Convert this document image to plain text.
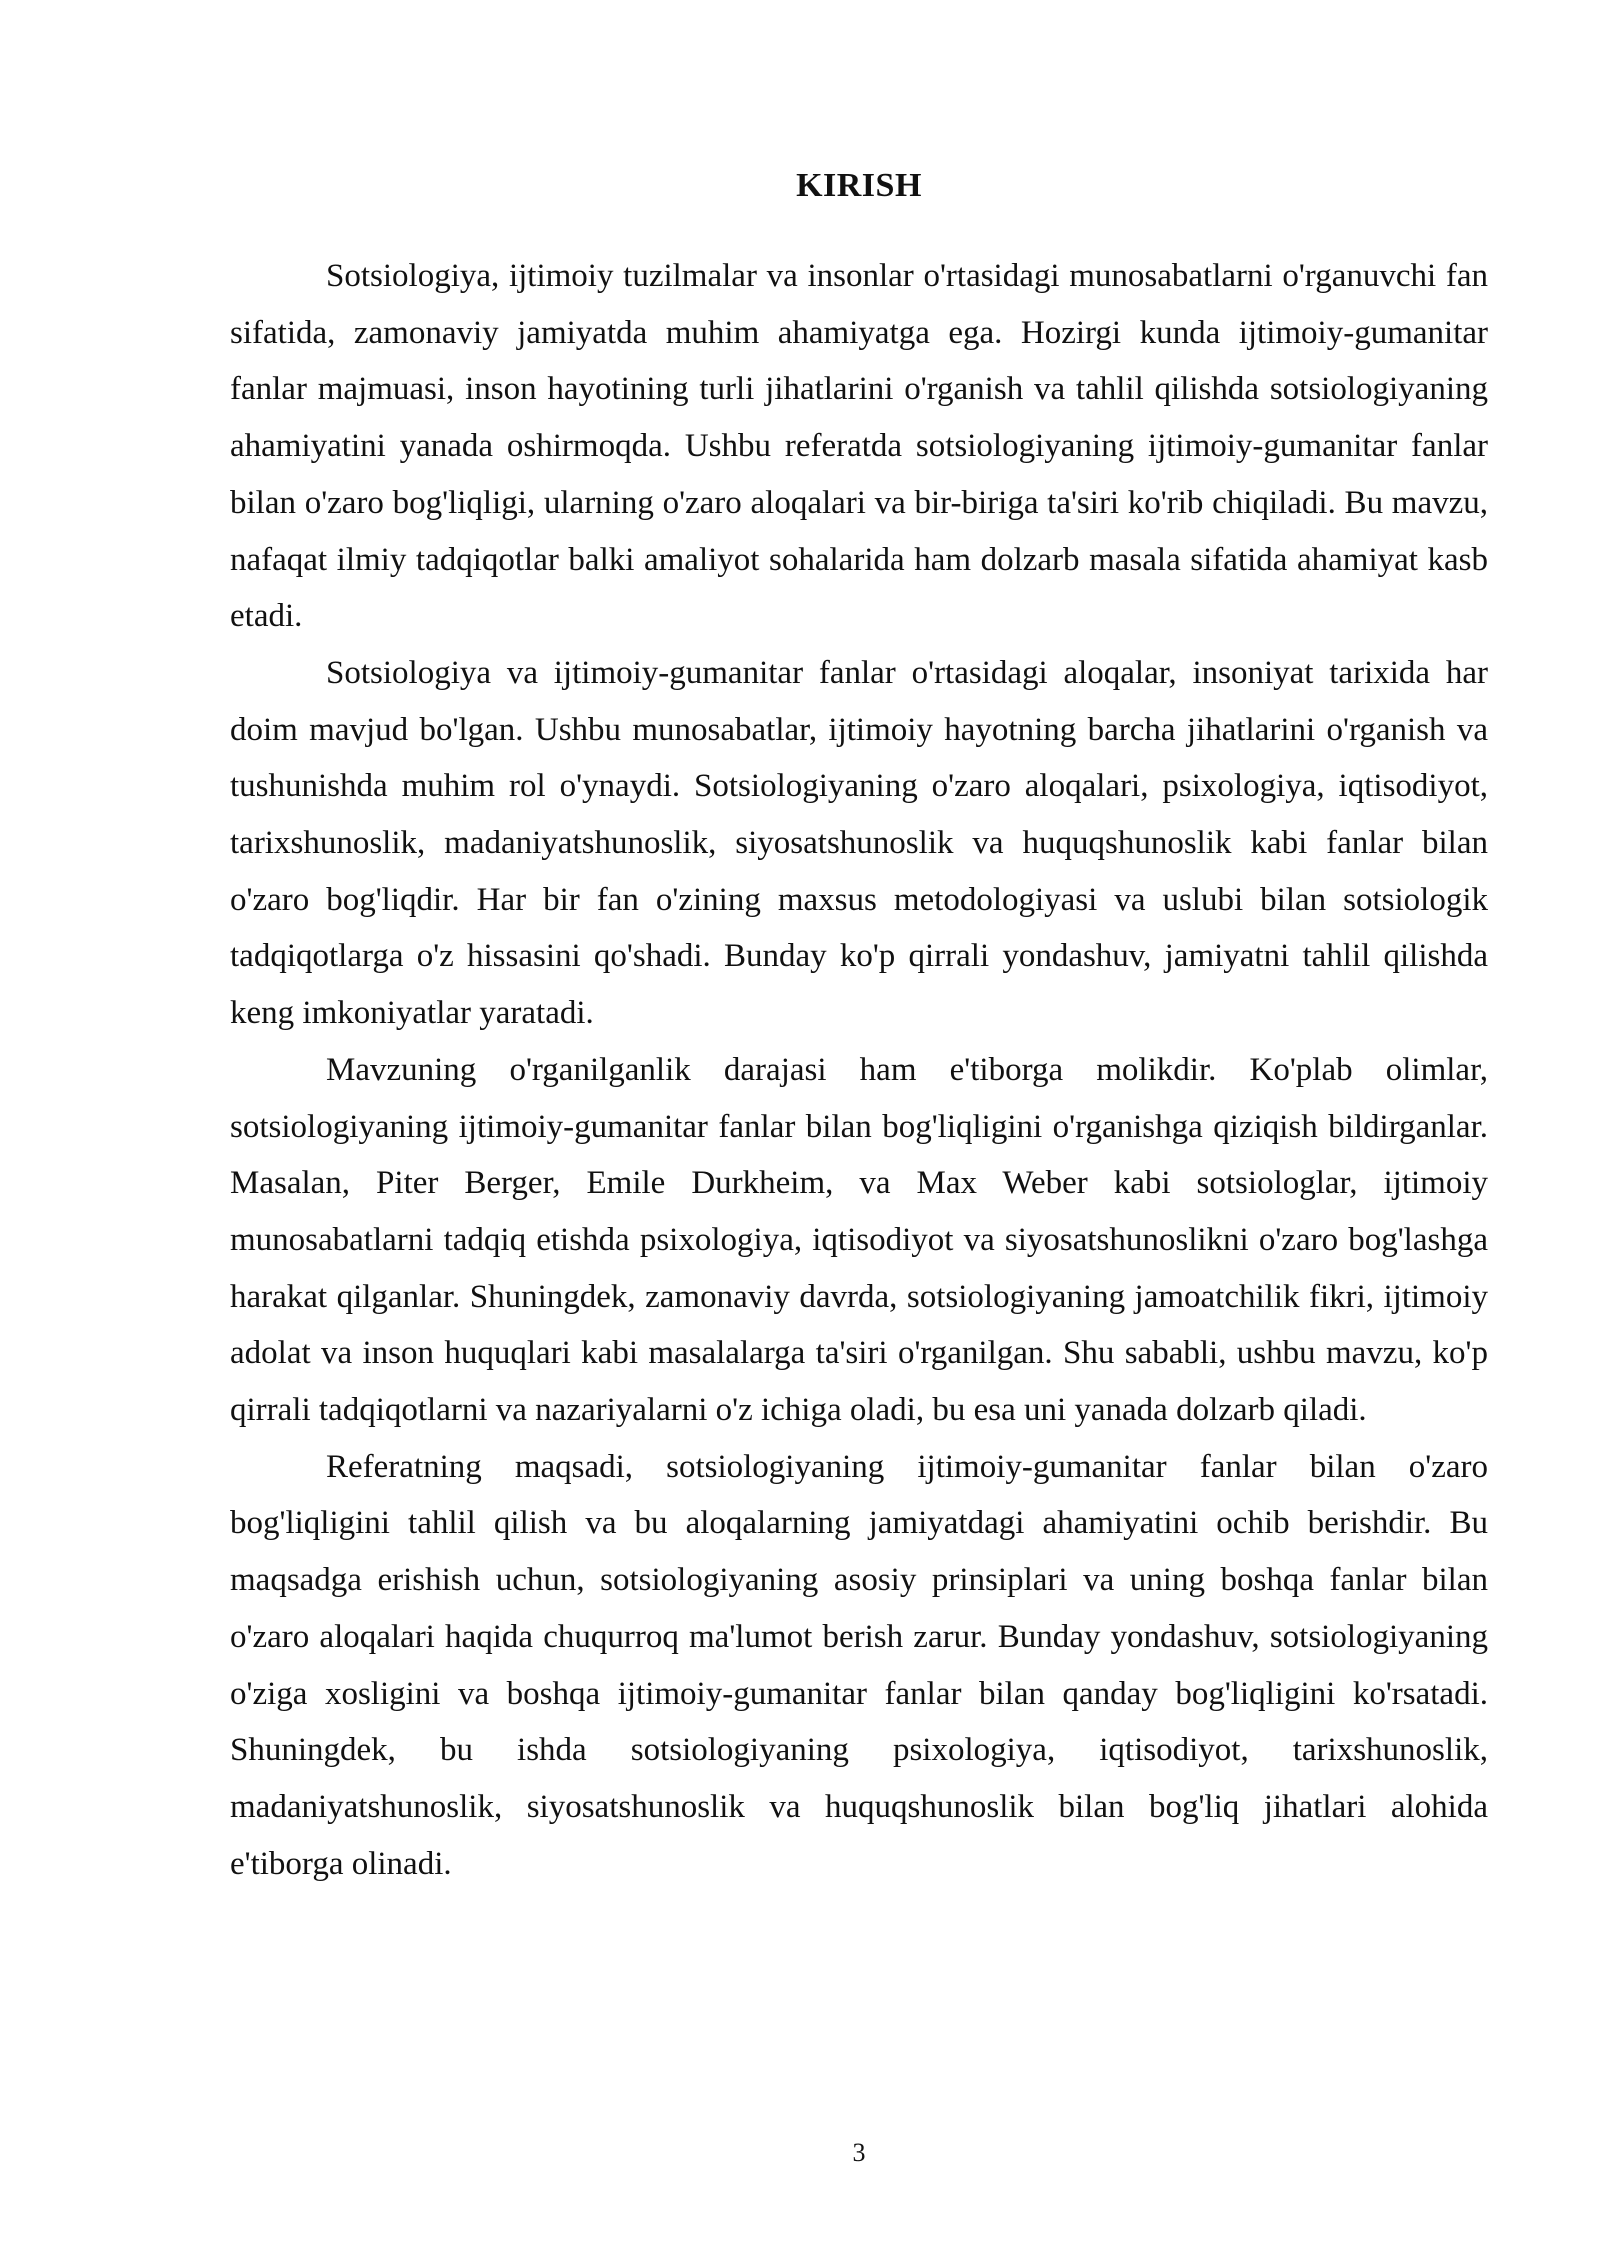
KIRISH

Sotsiologiya, ijtimoiy tuzilmalar va insonlar o'rtasidagi munosabatlarni o'rganuvchi fan sifatida, zamonaviy jamiyatda muhim ahamiyatga ega. Hozirgi kunda ijtimoiy-gumanitar fanlar majmuasi, inson hayotining turli jihatlarini o'rganish va tahlil qilishda sotsiologiyaning ahamiyatini yanada oshirmoqda. Ushbu referatda sotsiologiyaning ijtimoiy-gumanitar fanlar bilan o'zaro bog'liqligi, ularning o'zaro aloqalari va bir-biriga ta'siri ko'rib chiqiladi. Bu mavzu, nafaqat ilmiy tadqiqotlar balki amaliyot sohalarida ham dolzarb masala sifatida ahamiyat kasb etadi.

Sotsiologiya va ijtimoiy-gumanitar fanlar o'rtasidagi aloqalar, insoniyat tarixida har doim mavjud bo'lgan. Ushbu munosabatlar, ijtimoiy hayotning barcha jihatlarini o'rganish va tushunishda muhim rol o'ynaydi. Sotsiologiyaning o'zaro aloqalari, psixologiya, iqtisodiyot, tarixshunoslik, madaniyatshunoslik, siyosatshunoslik va huquqshunoslik kabi fanlar bilan o'zaro bog'liqdir. Har bir fan o'zining maxsus metodologiyasi va uslubi bilan sotsiologik tadqiqotlarga o'z hissasini qo'shadi. Bunday ko'p qirrali yondashuv, jamiyatni tahlil qilishda keng imkoniyatlar yaratadi.

Mavzuning o'rganilganlik darajasi ham e'tiborga molikdir. Ko'plab olimlar, sotsiologiyaning ijtimoiy-gumanitar fanlar bilan bog'liqligini o'rganishga qiziqish bildirganlar. Masalan, Piter Berger, Emile Durkheim, va Max Weber kabi sotsiologlar, ijtimoiy munosabatlarni tadqiq etishda psixologiya, iqtisodiyot va siyosatshunoslikni o'zaro bog'lashga harakat qilganlar. Shuningdek, zamonaviy davrda, sotsiologiyaning jamoatchilik fikri, ijtimoiy adolat va inson huquqlari kabi masalalarga ta'siri o'rganilgan. Shu sababli, ushbu mavzu, ko'p qirrali tadqiqotlarni va nazariyalarni o'z ichiga oladi, bu esa uni yanada dolzarb qiladi.

Referatning maqsadi, sotsiologiyaning ijtimoiy-gumanitar fanlar bilan o'zaro bog'liqligini tahlil qilish va bu aloqalarning jamiyatdagi ahamiyatini ochib berishdir. Bu maqsadga erishish uchun, sotsiologiyaning asosiy prinsiplari va uning boshqa fanlar bilan o'zaro aloqalari haqida chuqurroq ma'lumot berish zarur. Bunday yondashuv, sotsiologiyaning o'ziga xosligini va boshqa ijtimoiy-gumanitar fanlar bilan qanday bog'liqligini ko'rsatadi. Shuningdek, bu ishda sotsiologiyaning psixologiya, iqtisodiyot, tarixshunoslik, madaniyatshunoslik, siyosatshunoslik va huquqshunoslik bilan bog'liq jihatlari alohida e'tiborga olinadi.

3
